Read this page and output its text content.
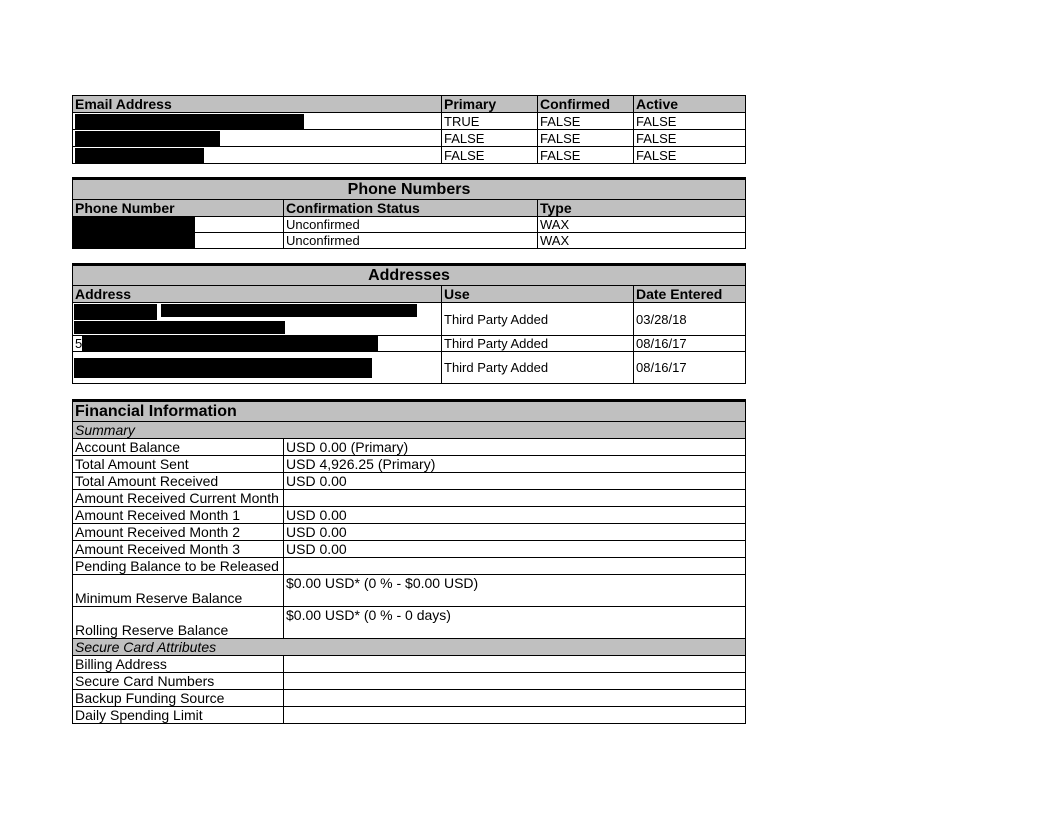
Email Address	Primary	Confirmed	Active
	TRUE	FALSE	FALSE
	FALSE	FALSE	FALSE
	FALSE	FALSE	FALSE
Phone Numbers			
Phone Number		Confirmation Status	Type
		Unconfirmed	WAX
		Unconfirmed	WAX
Addresses		
Address	Use	Date Entered

	Third Party Added	03/28/18
5	Third Party Added	08/16/17

	Third Party Added	08/16/17
Financial Information	
Summary	
Account Balance	USD 0.00 (Primary)
Total Amount Sent	USD 4,926.25 (Primary)
Total Amount Received	USD 0.00
Amount Received Current Month	
Amount Received Month 1	USD 0.00
Amount Received Month 2	USD 0.00
Amount Received Month 3	USD 0.00
Pending Balance to be Released	
Minimum Reserve Balance	$0.00 USD* (0 % - $0.00 USD)
Rolling Reserve Balance	$0.00 USD* (0 % - 0 days)
Secure Card Attributes	
Billing Address	
Secure Card Numbers	
Backup Funding Source	
Daily Spending Limit	
